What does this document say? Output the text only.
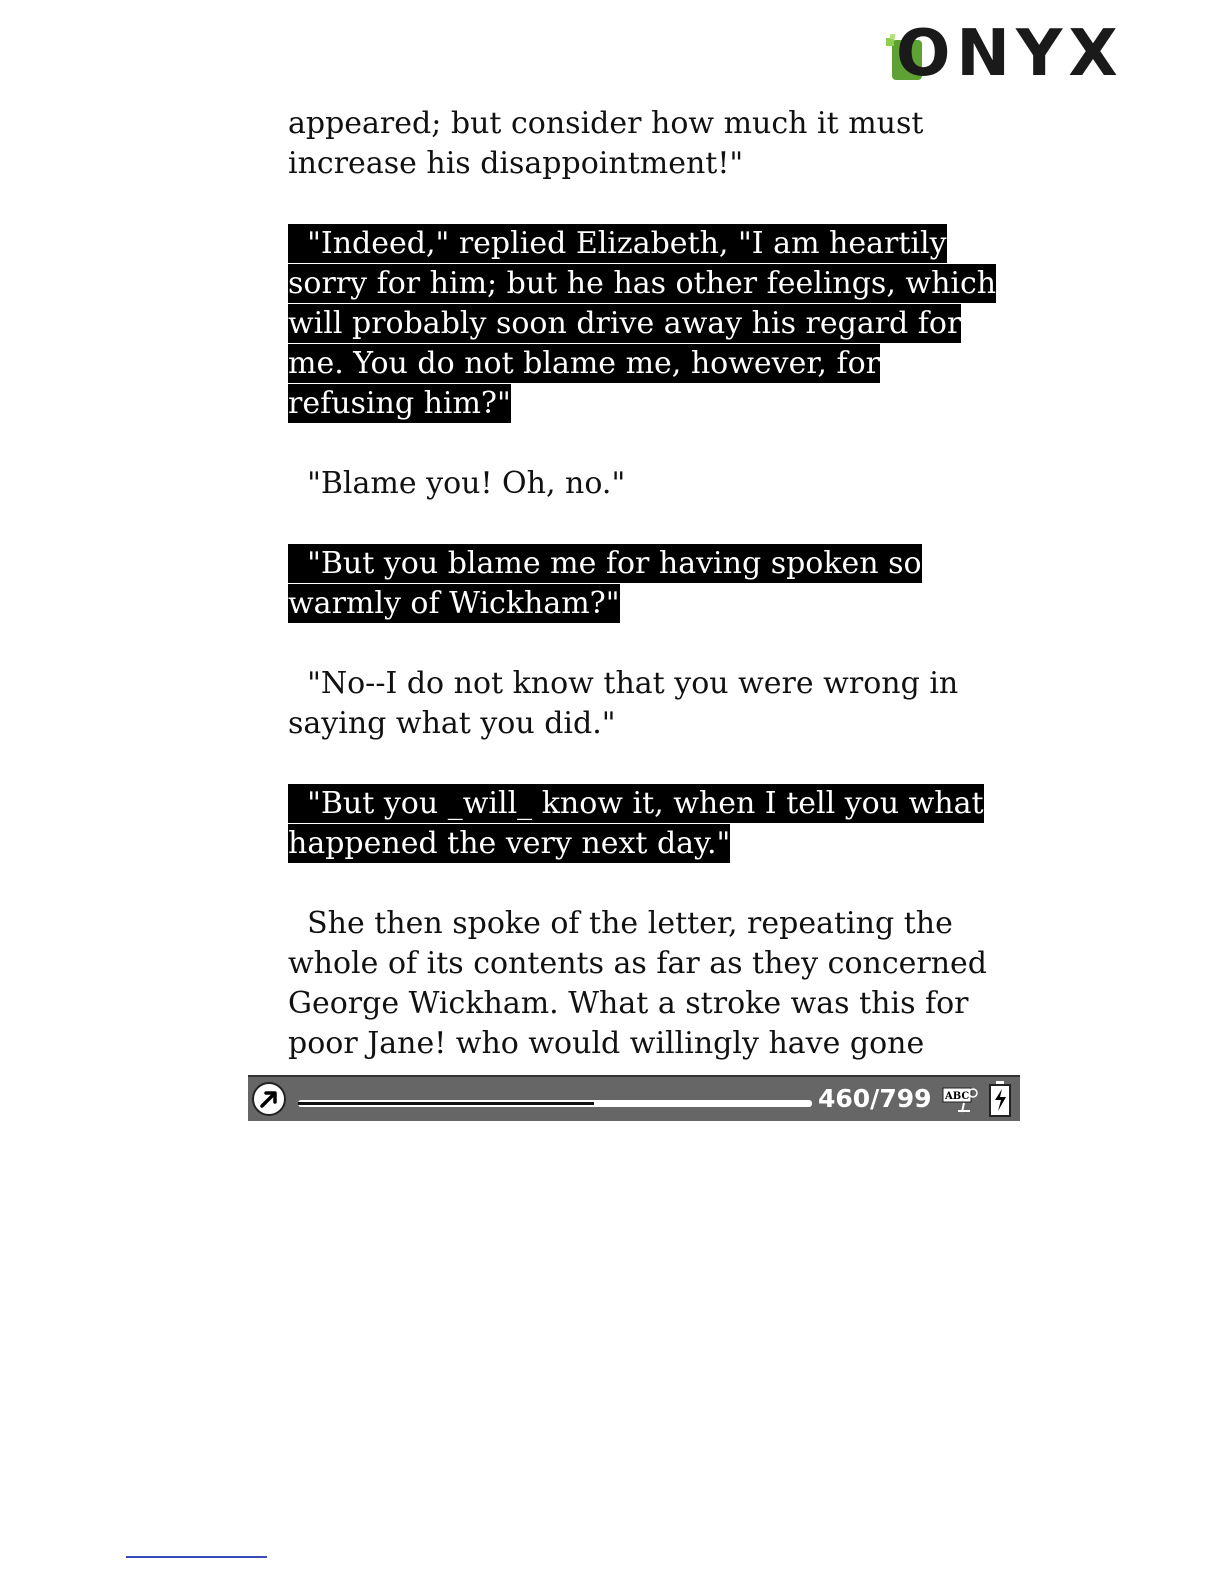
ONYX
appeared; but consider how much it must
increase his disappointment!"
"Indeed," replied Elizabeth, "I am heartily
sorry for him; but he has other feelings, which
will probably soon drive away his regard for
me. You do not blame me, however, for
refusing him?"
"Blame you! Oh, no."
"But you blame me for having spoken so
warmly of Wickham?"
"No--I do not know that you were wrong in
saying what you did."
"But you _will_ know it, when I tell you what
happened the very next day."
She then spoke of the letter, repeating the
whole of its contents as far as they concerned
George Wickham. What a stroke was this for
poor Jane! who would willingly have gone
460/799 ABC
